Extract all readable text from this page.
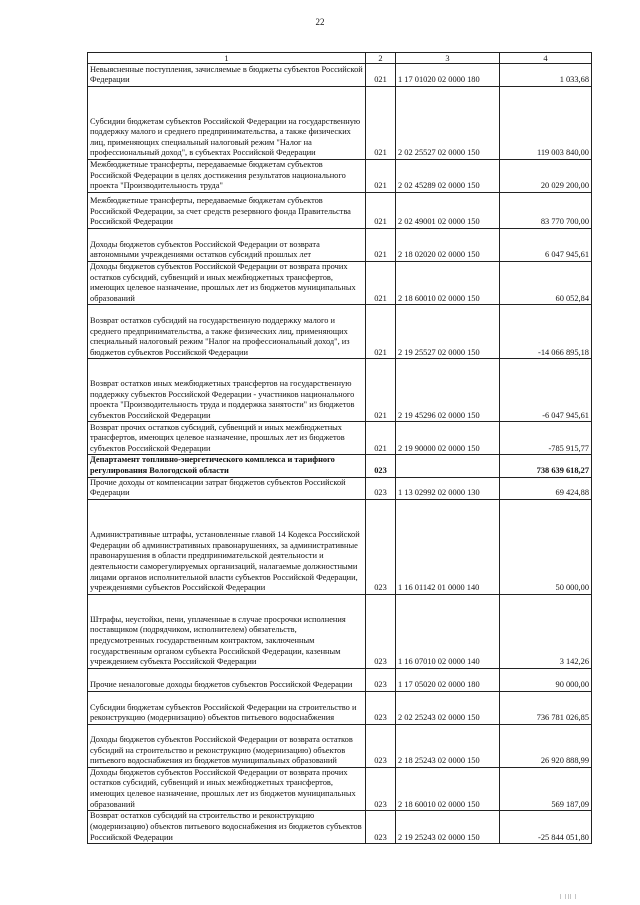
22
1	2	3	4
Невыясненные поступления, зачисляемые в бюджеты субъектов Российской Федерации	021	1 17 01020 02 0000 180	1 033,68
Субсидии бюджетам субъектов Российской Федерации на государственную поддержку малого и среднего предпринимательства, а также физических лиц, применяющих специальный налоговый режим "Налог на профессиональный доход", в субъектах Российской Федерации	021	2 02 25527 02 0000 150	119 003 840,00
Межбюджетные трансферты, передаваемые бюджетам субъектов Российской Федерации в целях достижения результатов национального проекта "Производительность труда"	021	2 02 45289 02 0000 150	20 029 200,00
Межбюджетные трансферты, передаваемые бюджетам субъектов Российской Федерации, за счет средств резервного фонда Правительства Российской Федерации	021	2 02 49001 02 0000 150	83 770 700,00
Доходы бюджетов субъектов Российской Федерации от возврата автономными учреждениями остатков субсидий прошлых лет	021	2 18 02020 02 0000 150	6 047 945,61
Доходы бюджетов субъектов Российской Федерации от возврата прочих остатков субсидий, субвенций и иных межбюджетных трансфертов, имеющих целевое назначение, прошлых лет из бюджетов муниципальных образований	021	2 18 60010 02 0000 150	60 052,84
Возврат остатков субсидий на государственную поддержку малого и среднего предпринимательства, а также физических лиц, применяющих специальный налоговый режим "Налог на профессиональный доход", из бюджетов субъектов Российской Федерации	021	2 19 25527 02 0000 150	-14 066 895,18
Возврат остатков иных межбюджетных трансфертов на государственную поддержку субъектов Российской Федерации - участников национального проекта "Производительность труда и поддержка занятости" из бюджетов субъектов Российской Федерации	021	2 19 45296 02 0000 150	-6 047 945,61
Возврат прочих остатков субсидий, субвенций и иных межбюджетных трансфертов, имеющих целевое назначение, прошлых лет из бюджетов субъектов Российской Федерации	021	2 19 90000 02 0000 150	-785 915,77
Департамент топливно-энергетического комплекса и тарифного регулирования Вологодской области	023		738 639 618,27
Прочие доходы от компенсации затрат бюджетов субъектов Российской Федерации	023	1 13 02992 02 0000 130	69 424,88
Административные штрафы, установленные главой 14 Кодекса Российской Федерации об административных правонарушениях, за административные правонарушения в области предпринимательской деятельности и деятельности саморегулируемых организаций, налагаемые должностными лицами органов исполнительной власти субъектов Российской Федерации, учреждениями субъектов Российской Федерации	023	1 16 01142 01 0000 140	50 000,00
Штрафы, неустойки, пени, уплаченные в случае просрочки исполнения поставщиком (подрядчиком, исполнителем) обязательств, предусмотренных государственным контрактом, заключенным государственным органом субъекта Российской Федерации, казенным учреждением субъекта Российской Федерации	023	1 16 07010 02 0000 140	3 142,26
Прочие неналоговые доходы бюджетов субъектов Российской Федерации	023	1 17 05020 02 0000 180	90 000,00
Субсидии бюджетам субъектов Российской Федерации на строительство и реконструкцию (модернизацию) объектов питьевого водоснабжения	023	2 02 25243 02 0000 150	736 781 026,85
Доходы бюджетов субъектов Российской Федерации от возврата остатков субсидий на строительство и реконструкцию (модернизацию) объектов питьевого водоснабжения из бюджетов муниципальных образований	023	2 18 25243 02 0000 150	26 920 888,99
Доходы бюджетов субъектов Российской Федерации от возврата прочих остатков субсидий, субвенций и иных межбюджетных трансфертов, имеющих целевое назначение, прошлых лет из бюджетов муниципальных образований	023	2 18 60010 02 0000 150	569 187,09
Возврат остатков субсидий на строительство и реконструкцию (модернизацию) объектов питьевого водоснабжения из бюджетов субъектов Российской Федерации	023	2 19 25243 02 0000 150	-25 844 051,80
ǀ ǀǀǀ ǀ
